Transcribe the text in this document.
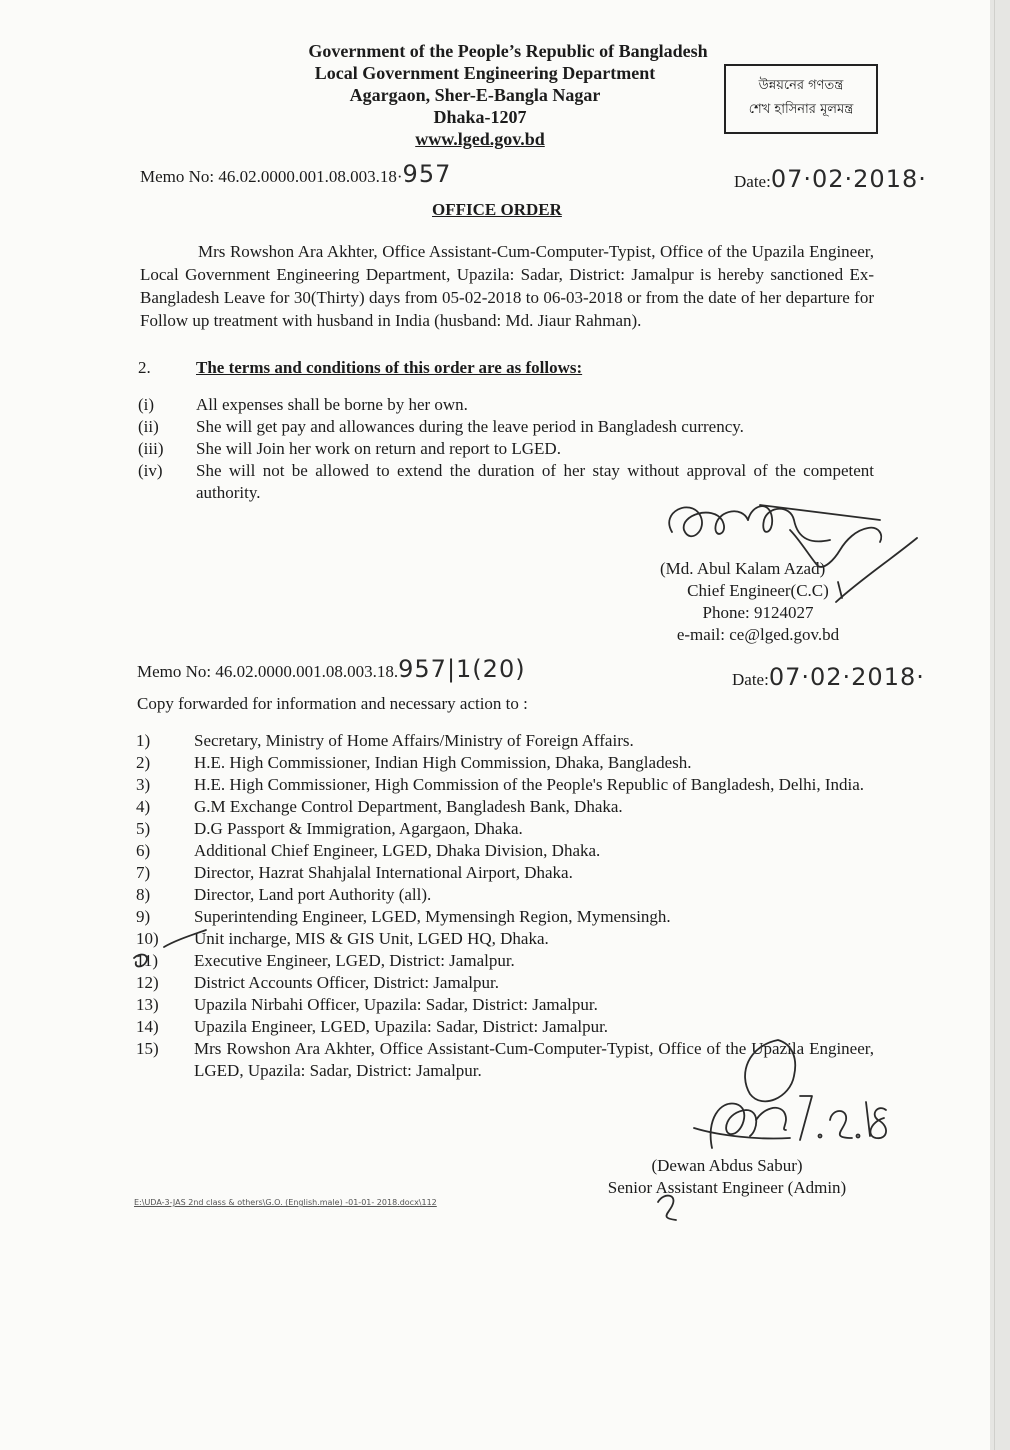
Government of the People’s Republic of Bangladesh
Local Government Engineering Department
Agargaon, Sher-E-Bangla Nagar
Dhaka-1207
www.lged.gov.bd
উন্নয়নের গণতন্ত্র
শেখ হাসিনার মূলমন্ত্র
Memo No: 46.02.0000.001.08.003.18·957	Date:07·02·2018·
OFFICE ORDER
Mrs Rowshon Ara Akhter, Office Assistant-Cum-Computer-Typist, Office of the Upazila Engineer, Local Government Engineering Department, Upazila: Sadar, District: Jamalpur is hereby sanctioned Ex-Bangladesh Leave for 30(Thirty) days from 05-02-2018 to 06-03-2018 or from the date of her departure for Follow up treatment with husband in India (husband: Md. Jiaur Rahman).
2.	The terms and conditions of this order are as follows:
(i)	All expenses shall be borne by her own.
(ii)	She will get pay and allowances during the leave period in Bangladesh currency.
(iii)	She will Join her work on return and report to LGED.
(iv)	She will not be allowed to extend the duration of her stay without approval of the competent authority.
(Md. Abul Kalam Azad)
Chief Engineer(C.C)
Phone: 9124027
e-mail: ce@lged.gov.bd
Memo No: 46.02.0000.001.08.003.18.957|1(20)	Date:07·02·2018·
Copy forwarded for information and necessary action to :
1)	Secretary, Ministry of Home Affairs/Ministry of Foreign Affairs.
2)	H.E. High Commissioner, Indian High Commission, Dhaka, Bangladesh.
3)	H.E. High Commissioner, High Commission of the People's Republic of Bangladesh, Delhi, India.
4)	G.M Exchange Control Department, Bangladesh Bank, Dhaka.
5)	D.G Passport & Immigration, Agargaon, Dhaka.
6)	Additional Chief Engineer, LGED, Dhaka Division, Dhaka.
7)	Director, Hazrat Shahjalal International Airport, Dhaka.
8)	Director, Land port Authority (all).
9)	Superintending Engineer, LGED, Mymensingh Region, Mymensingh.
10)	Unit incharge, MIS & GIS Unit, LGED HQ, Dhaka.
11)	Executive Engineer, LGED, District: Jamalpur.
12)	District Accounts Officer, District: Jamalpur.
13)	Upazila Nirbahi Officer, Upazila: Sadar, District: Jamalpur.
14)	Upazila Engineer, LGED, Upazila: Sadar, District: Jamalpur.
15)	Mrs Rowshon Ara Akhter, Office Assistant-Cum-Computer-Typist, Office of the Upazila Engineer, LGED, Upazila: Sadar, District: Jamalpur.
(Dewan Abdus Sabur)
Senior Assistant Engineer (Admin)
E:\UDA-3-JAS 2nd class & others\G.O. (English.male) -01-01- 2018.docx\112
